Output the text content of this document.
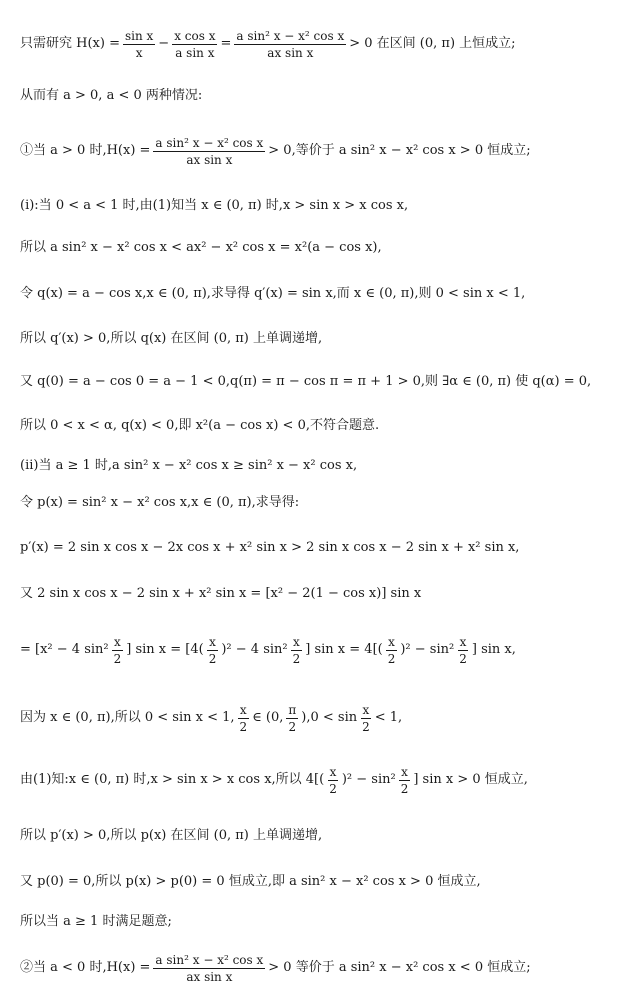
只需研究 $H(x) = \frac{\text{sin x}}{x} - \frac{\text{x cos x}}{\text{a sin x}} = \frac{\text{a sin² x − x² cos x}}{\text{ax sin x}} > 0$ 在区间 (0, π) 上恒成立;
从而有 a > 0, a < 0 两种情况:
①当 a > 0 时$,H(x) = \frac{\text{a sin² x − x² cos x}}{\text{ax sin x}} > 0$,等价于 a sin² x − x² cos x > 0 恒成立;
(i):当 0 < a < 1 时,由(1)知当 x ∈ (0, π) 时,x > sin x > x cos x,
所以 a sin² x − x² cos x < ax² − x² cos x = x²(a − cos x),
令 q(x) = a − cos x,x ∈ (0, π),求导得 q′(x) = sin x,而 x ∈ (0, π),则 0 < sin x < 1,
所以 q′(x) > 0,所以 q(x) 在区间 (0, π) 上单调递增,
又 q(0) = a − cos 0 = a − 1 < 0,q(π) = π − cos π = π + 1 > 0,则 ∃α ∈ (0, π) 使 q(α) = 0,
所以 0 < x < α, q(x) < 0,即 x²(a − cos x) < 0,不符合题意.
(ii)当 a ≥ 1 时,a sin² x − x² cos x ≥ sin² x − x² cos x,
令 p(x) = sin² x − x² cos x,x ∈ (0, π),求导得:
p′(x) = 2 sin x cos x − 2x cos x + x² sin x > 2 sin x cos x − 2 sin x + x² sin x,
又 2 sin x cos x − 2 sin x + x² sin x = [x² − 2(1 − cos x)] sin x
= [x² − 4 $\sin^2 \frac{x}{2}$ ] $\sin x = [4( \frac{x}{2} )^2 - 4$ $\sin^2 \frac{x}{2}$ ] $\sin x = 4[( \frac{x}{2} )^2 - \sin^2 \frac{x}{2}$ ] sin x,
因为 x ∈ (0, π),所以 0 < sin x < 1, $\frac{x}{2}$ ∈ (0, $\frac{\pi}{2} ),0 < \sin \frac{x}{2} < 1$,
由(1)知:x ∈ (0, π) 时,x > sin x > x cos x,所以 $4[( \frac{x}{2} )^2 - \sin^2 \frac{x}{2}$ ] sin x > 0 恒成立,
所以 p′(x) > 0,所以 p(x) 在区间 (0, π) 上单调递增,
又 p(0) = 0,所以 p(x) > p(0) = 0 恒成立,即 a sin² x − x² cos x > 0 恒成立,
所以当 a ≥ 1 时满足题意;
②当 a < 0 时$,H(x) = \frac{\text{a sin² x − x² cos x}}{\text{ax sin x}} > 0$ 等价于 a sin² x − x² cos x < 0 恒成立;
